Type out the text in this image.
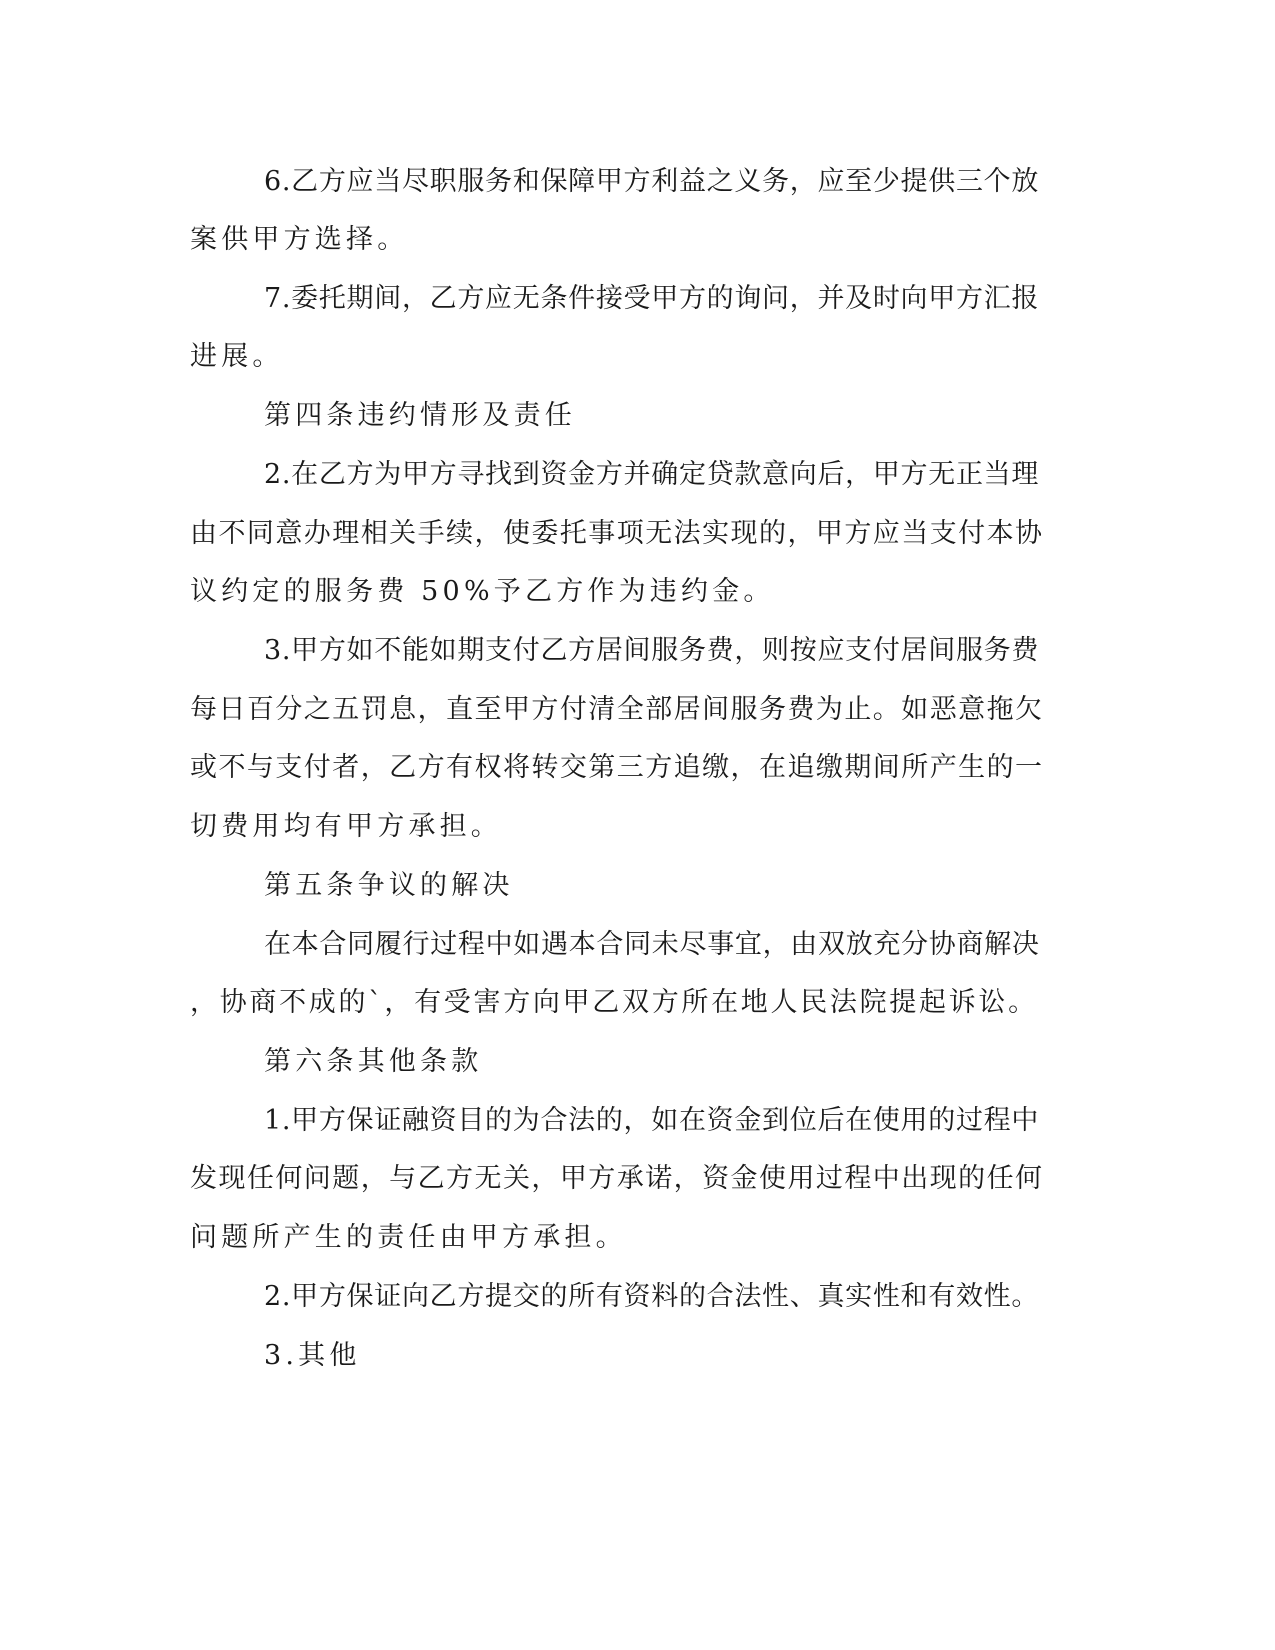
6.乙方应当尽职服务和保障甲方利益之义务，应至少提供三个放
案供甲方选择。
7.委托期间，乙方应无条件接受甲方的询问，并及时向甲方汇报
进展。
第四条违约情形及责任
2.在乙方为甲方寻找到资金方并确定贷款意向后，甲方无正当理
由不同意办理相关手续，使委托事项无法实现的，甲方应当支付本协
议约定的服务费 50%予乙方作为违约金。
3.甲方如不能如期支付乙方居间服务费，则按应支付居间服务费
每日百分之五罚息，直至甲方付清全部居间服务费为止。如恶意拖欠
或不与支付者，乙方有权将转交第三方追缴，在追缴期间所产生的一
切费用均有甲方承担。
第五条争议的解决
在本合同履行过程中如遇本合同未尽事宜，由双放充分协商解决
，协商不成的`，有受害方向甲乙双方所在地人民法院提起诉讼。
第六条其他条款
1.甲方保证融资目的为合法的，如在资金到位后在使用的过程中
发现任何问题，与乙方无关，甲方承诺，资金使用过程中出现的任何
问题所产生的责任由甲方承担。
2.甲方保证向乙方提交的所有资料的合法性、真实性和有效性。
3.其他
